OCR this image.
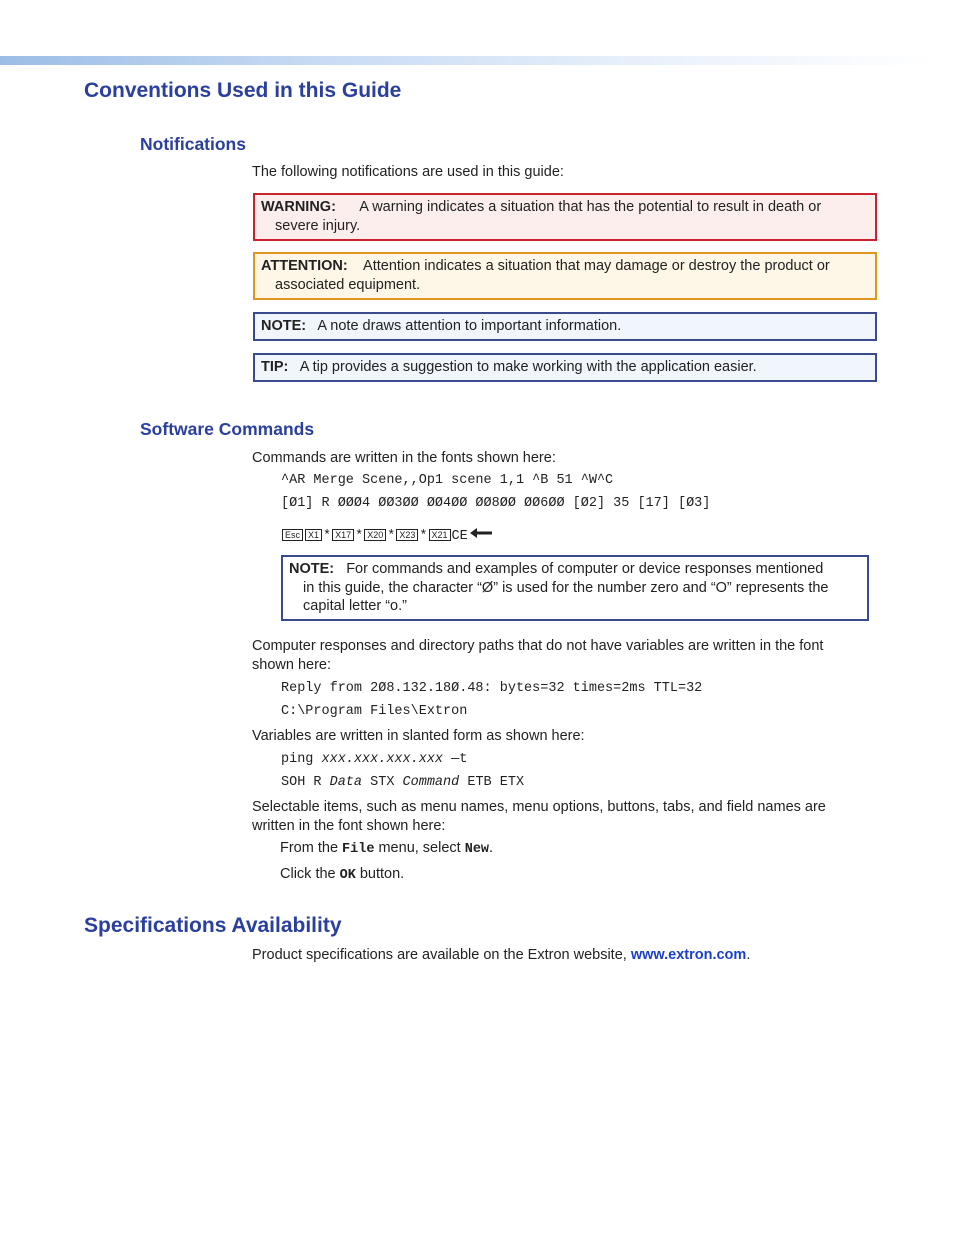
Conventions Used in this Guide
Notifications

The following notifications are used in this guide:

WARNING: A warning indicates a situation that has the potential to result in death or
severe injury.
ATTENTION: Attention indicates a situation that may damage or destroy the product or
associated equipment.
NOTE: A note draws attention to important information.
TIP: A tip provides a suggestion to make working with the application easier.
Software Commands

Commands are written in the fonts shown here:

^AR Merge Scene,,Op1 scene 1,1 ^B 51 ^W^C

[Ø1] R ØØØ4 ØØ3ØØ ØØ4ØØ ØØ8ØØ ØØ6ØØ [Ø2] 35 [17] [Ø3]

Esc X1 * X17 * X20 * X23 * X21 CE

NOTE: For commands and examples of computer or device responses mentioned
in this guide, the character “Ø” is used for the number zero and “O” represents the
capital letter “o.”

Computer responses and directory paths that do not have variables are written in the font
shown here:

Reply from 2Ø8.132.18Ø.48: bytes=32 times=2ms TTL=32

C:\Program Files\Extron

Variables are written in slanted form as shown here:

ping xxx.xxx.xxx.xxx —t

SOH R Data STX Command ETB ETX

Selectable items, such as menu names, menu options, buttons, tabs, and field names are
written in the font shown here:

From the File menu, select New.

Click the OK button.

Specifications Availability

Product specifications are available on the Extron website, www.extron.com.
